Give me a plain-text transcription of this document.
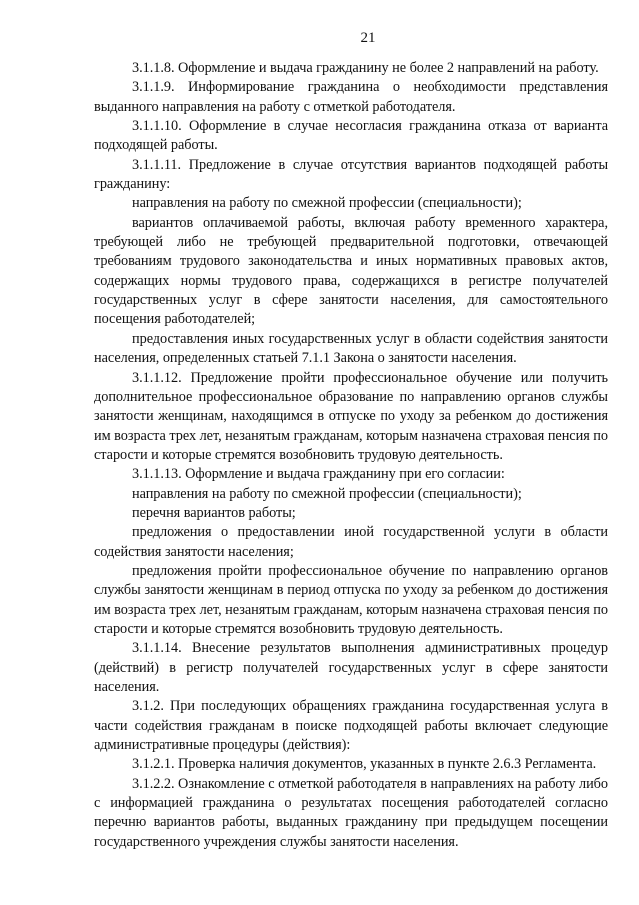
21

3.1.1.8. Оформление и выдача гражданину не более 2 направлений на работу.

3.1.1.9. Информирование гражданина о необходимости представления выданного направления на работу с отметкой работодателя.

3.1.1.10. Оформление в случае несогласия гражданина отказа от варианта подходящей работы.

3.1.1.11. Предложение в случае отсутствия вариантов подходящей работы гражданину:

направления на работу по смежной профессии (специальности);

вариантов оплачиваемой работы, включая работу временного характера, требующей либо не требующей предварительной подготовки, отвечающей требованиям трудового законодательства и иных нормативных правовых актов, содержащих нормы трудового права, содержащихся в регистре получателей государственных услуг в сфере занятости населения, для самостоятельного посещения работодателей;

предоставления иных государственных услуг в области содействия занятости населения, определенных статьей 7.1.1 Закона о занятости населения.

3.1.1.12. Предложение пройти профессиональное обучение или получить дополнительное профессиональное образование по направлению органов службы занятости женщинам, находящимся в отпуске по уходу за ребенком до достижения им возраста трех лет, незанятым гражданам, которым назначена страховая пенсия по старости и которые стремятся возобновить трудовую деятельность.

3.1.1.13. Оформление и выдача гражданину при его согласии:

направления на работу по смежной профессии (специальности);

перечня вариантов работы;

предложения о предоставлении иной государственной услуги в области содействия занятости населения;

предложения пройти профессиональное обучение по направлению органов службы занятости женщинам в период отпуска по уходу за ребенком до достижения им возраста трех лет, незанятым гражданам, которым назначена страховая пенсия по старости и которые стремятся возобновить трудовую деятельность.

3.1.1.14. Внесение результатов выполнения административных процедур (действий) в регистр получателей государственных услуг в сфере занятости населения.

3.1.2. При последующих обращениях гражданина государственная услуга в части содействия гражданам в поиске подходящей работы включает следующие административные процедуры (действия):

3.1.2.1. Проверка наличия документов, указанных в пункте 2.6.3 Регламента.

3.1.2.2. Ознакомление с отметкой работодателя в направлениях на работу либо с информацией гражданина о результатах посещения работодателей согласно перечню вариантов работы, выданных гражданину при предыдущем посещении государственного учреждения службы занятости населения.
